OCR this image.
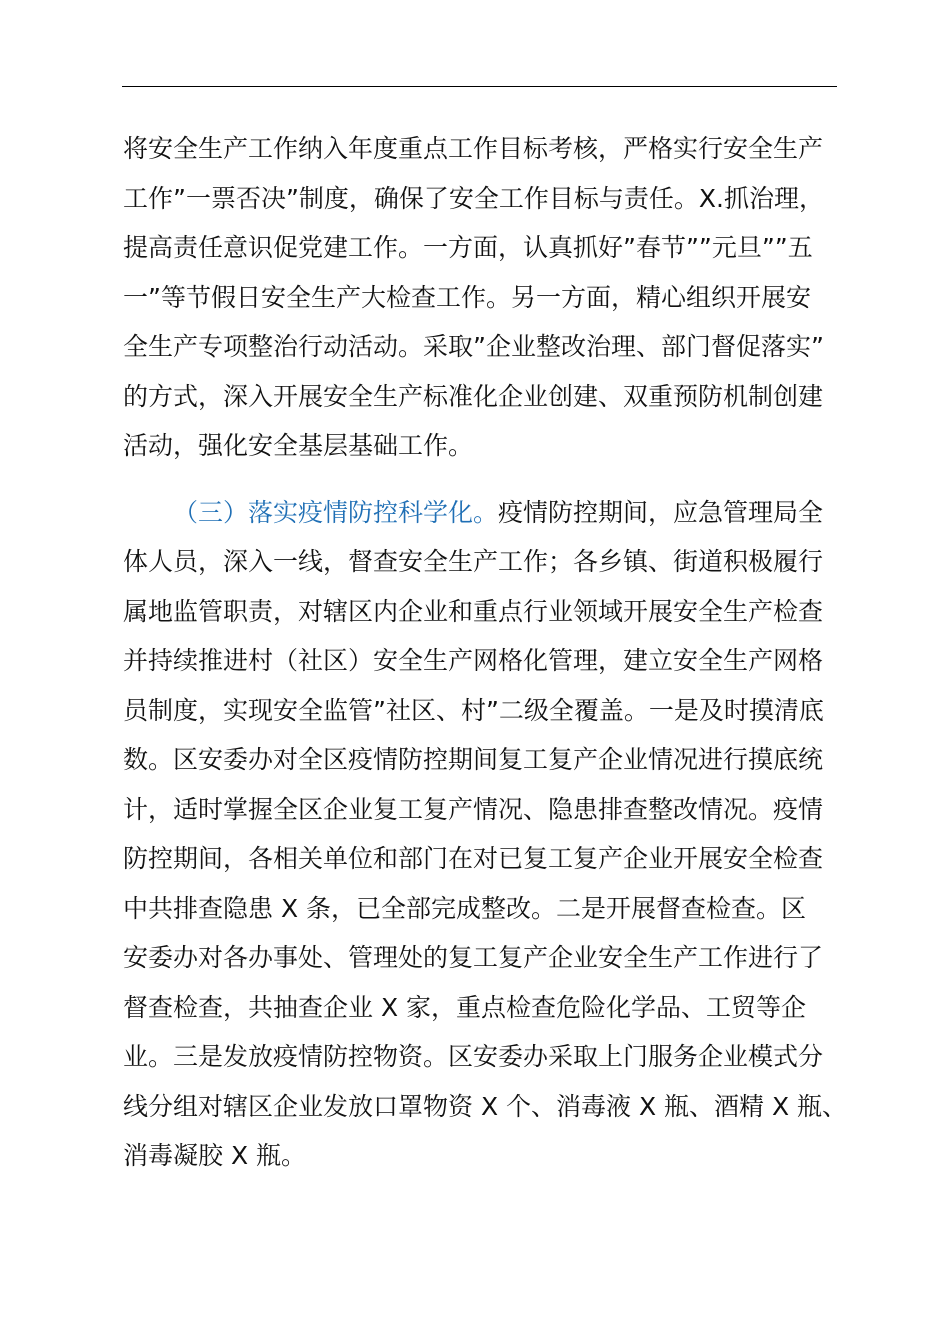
将安全生产工作纳入年度重点工作目标考核，严格实行安全生产
工作”一票否决”制度，确保了安全工作目标与责任。X.抓治理，
提高责任意识促党建工作。一方面，认真抓好”春节””元旦””五
一”等节假日安全生产大检查工作。另一方面，精心组织开展安
全生产专项整治行动活动。采取”企业整改治理、部门督促落实”
的方式，深入开展安全生产标准化企业创建、双重预防机制创建
活动，强化安全基层基础工作。
（三）落实疫情防控科学化。疫情防控期间，应急管理局全
体人员，深入一线，督查安全生产工作；各乡镇、街道积极履行
属地监管职责，对辖区内企业和重点行业领域开展安全生产检查
并持续推进村（社区）安全生产网格化管理，建立安全生产网格
员制度，实现安全监管”社区、村”二级全覆盖。一是及时摸清底
数。区安委办对全区疫情防控期间复工复产企业情况进行摸底统
计，适时掌握全区企业复工复产情况、隐患排查整改情况。疫情
防控期间，各相关单位和部门在对已复工复产企业开展安全检查
中共排查隐患 X 条，已全部完成整改。二是开展督查检查。区
安委办对各办事处、管理处的复工复产企业安全生产工作进行了
督查检查，共抽查企业 X 家，重点检查危险化学品、工贸等企
业。三是发放疫情防控物资。区安委办采取上门服务企业模式分
线分组对辖区企业发放口罩物资 X 个、消毒液 X 瓶、酒精 X 瓶、
消毒凝胶 X 瓶。
